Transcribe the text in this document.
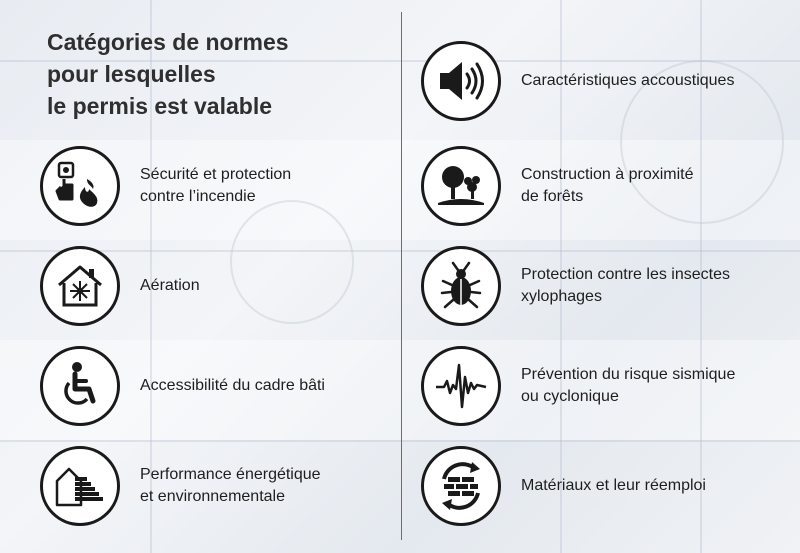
Catégories de normes
pour lesquelles
le permis est valable
Sécurité et protection
contre l’incendie
Aération
Accessibilité du cadre bâti
Performance énergétique
et environnementale
Caractéristiques accoustiques
Construction à proximité
de forêts
Protection contre les insectes
xylophages
Prévention du risque sismique
ou cyclonique
Matériaux et leur réemploi
